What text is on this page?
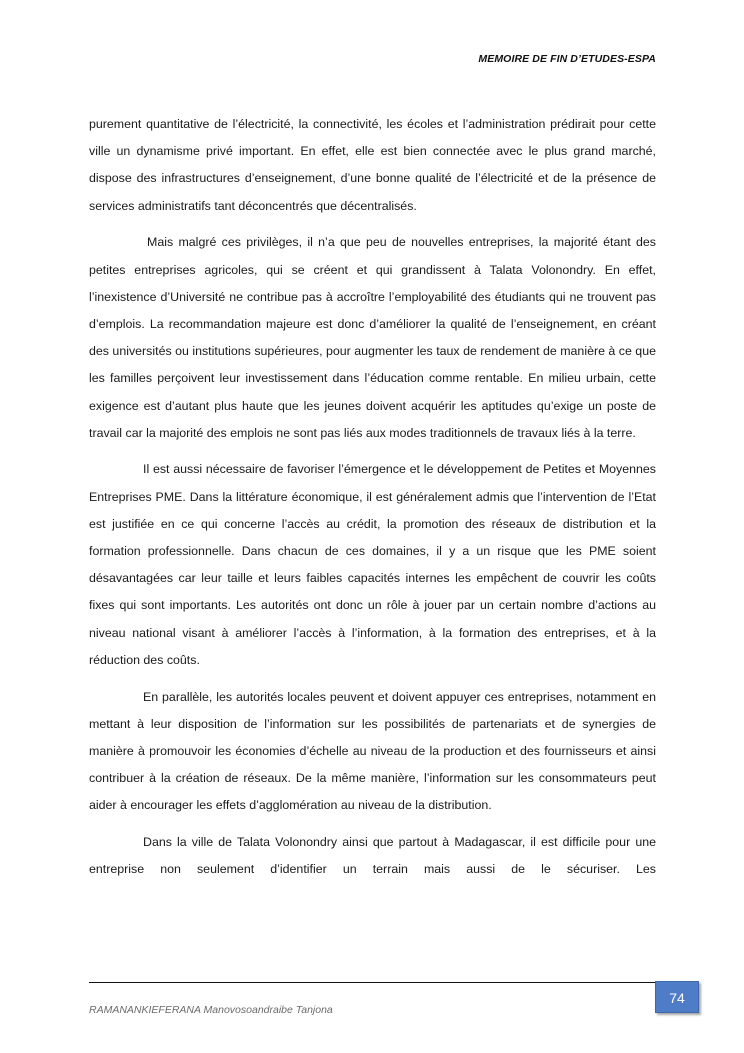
MEMOIRE DE FIN D’ETUDES-ESPA

purement quantitative de l’électricité, la connectivité, les écoles et l’administration prédirait pour cette ville un dynamisme privé important. En effet, elle est bien connectée avec le plus grand marché, dispose des infrastructures d’enseignement, d’une bonne qualité de l’électricité et de la présence de services administratifs tant déconcentrés que décentralisés.

Mais malgré ces privilèges, il n’a que peu de nouvelles entreprises, la majorité étant des petites entreprises agricoles, qui se créent et qui grandissent à Talata Volonondry. En effet, l’inexistence d’Université ne contribue pas à accroître l’employabilité des étudiants qui ne trouvent pas d’emplois. La recommandation majeure est donc d’améliorer la qualité de l’enseignement, en créant des universités ou institutions supérieures, pour augmenter les taux de rendement de manière à ce que les familles perçoivent leur investissement dans l’éducation comme rentable. En milieu urbain, cette exigence est d’autant plus haute que les jeunes doivent acquérir les aptitudes qu’exige un poste de travail car la majorité des emplois ne sont pas liés aux modes traditionnels de travaux liés à la terre.

Il est aussi nécessaire de favoriser l’émergence et le développement de Petites et Moyennes Entreprises PME. Dans la littérature économique, il est généralement admis que l’intervention de l’Etat est justifiée en ce qui concerne l’accès au crédit, la promotion des réseaux de distribution et la formation professionnelle. Dans chacun de ces domaines, il y a un risque que les PME soient désavantagées car leur taille et leurs faibles capacités internes les empêchent de couvrir les coûts fixes qui sont importants. Les autorités ont donc un rôle à jouer par un certain nombre d’actions au niveau national visant à améliorer l’accès à l’information, à la formation des entreprises, et à la réduction des coûts.

En parallèle, les autorités locales peuvent et doivent appuyer ces entreprises, notamment en mettant à leur disposition de l’information sur les possibilités de partenariats et de synergies de manière à promouvoir les économies d’échelle au niveau de la production et des fournisseurs et ainsi contribuer à la création de réseaux. De la même manière, l’information sur les consommateurs peut aider à encourager les effets d’agglomération au niveau de la distribution.

Dans la ville de Talata Volonondry ainsi que partout à Madagascar, il est difficile pour une entreprise non seulement d’identifier un terrain mais aussi de le sécuriser. Les

RAMANANKIEFERANA Manovosoandraibe Tanjona
74
